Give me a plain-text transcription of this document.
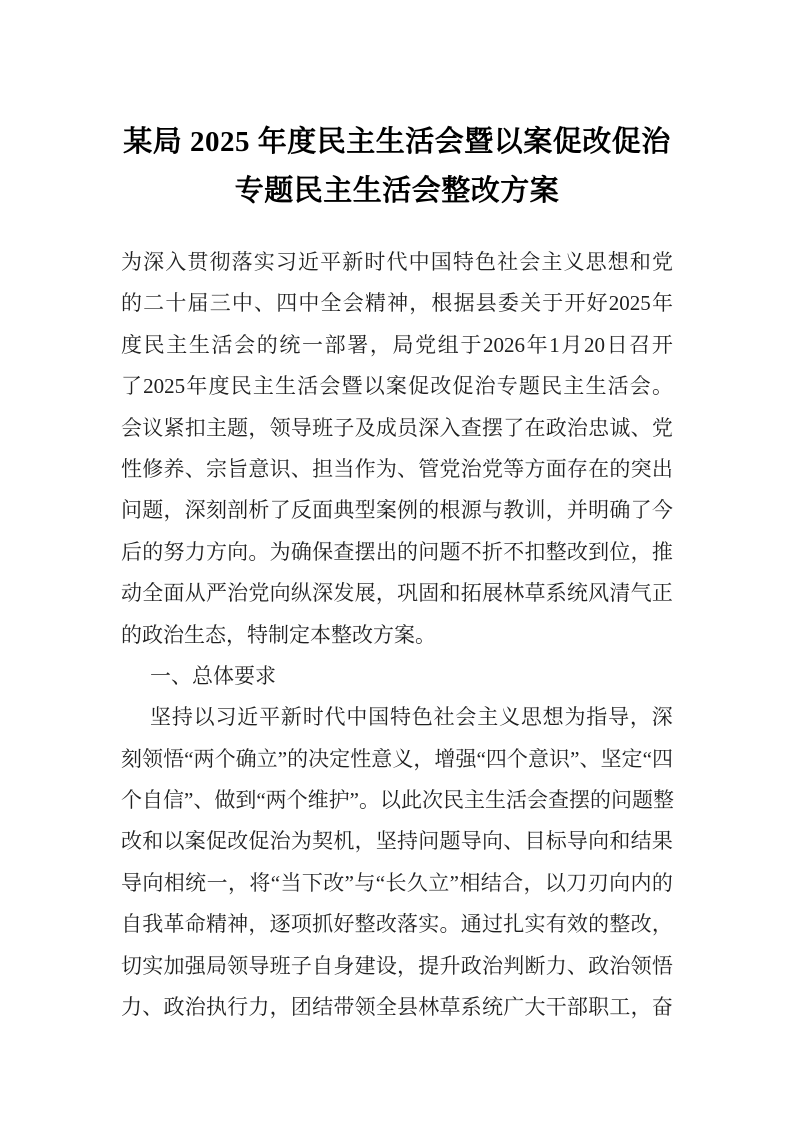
某局 2025 年度民主生活会暨以案促改促治
专题民主生活会整改方案
为 深 入 贯 彻 落 实 习 近 平 新 时 代 中 国 特 色 社 会 主 义 思 想 和 党
的 二 十 届 三 中 、 四 中 全 会 精 神 ， 根 据 县 委 关 于 开 好 2025 年
度 民 主 生 活 会 的 统 一 部 署 ， 局 党 组 于 2026 年 1 月 20 日 召 开
了 2025 年 度 民 主 生 活 会 暨 以 案 促 改 促 治 专 题 民 主 生 活 会 。
会 议 紧 扣 主 题 ， 领 导 班 子 及 成 员 深 入 查 摆 了 在 政 治 忠 诚 、 党
性 修 养 、 宗 旨 意 识 、 担 当 作 为 、 管 党 治 党 等 方 面 存 在 的 突 出
问 题 ， 深 刻 剖 析 了 反 面 典 型 案 例 的 根 源 与 教 训 ， 并 明 确 了 今
后 的 努 力 方 向 。 为 确 保 查 摆 出 的 问 题 不 折 不 扣 整 改 到 位 ， 推
动 全 面 从 严 治 党 向 纵 深 发 展 ， 巩 固 和 拓 展 林 草 系 统 风 清 气 正
的政治生态，特制定本整改方案。
一、总体要求
坚 持 以 习 近 平 新 时 代 中 国 特 色 社 会 主 义 思 想 为 指 导 ， 深
刻 领 悟 “ 两 个 确 立 ” 的 决 定 性 意 义 ， 增 强 “ 四 个 意 识 ” 、 坚 定 “ 四
个 自 信 ” 、 做 到 “ 两 个 维 护 ” 。 以 此 次 民 主 生 活 会 查 摆 的 问 题 整
改 和 以 案 促 改 促 治 为 契 机 ， 坚 持 问 题 导 向 、 目 标 导 向 和 结 果
导 向 相 统 一 ， 将 “ 当 下 改 ” 与 “ 长 久 立 ” 相 结 合 ， 以 刀 刃 向 内 的
自 我 革 命 精 神 ， 逐 项 抓 好 整 改 落 实 。 通 过 扎 实 有 效 的 整 改 ，
切 实 加 强 局 领 导 班 子 自 身 建 设 ， 提 升 政 治 判 断 力 、 政 治 领 悟
力 、 政 治 执 行 力 ， 团 结 带 领 全 县 林 草 系 统 广 大 干 部 职 工 ， 奋
